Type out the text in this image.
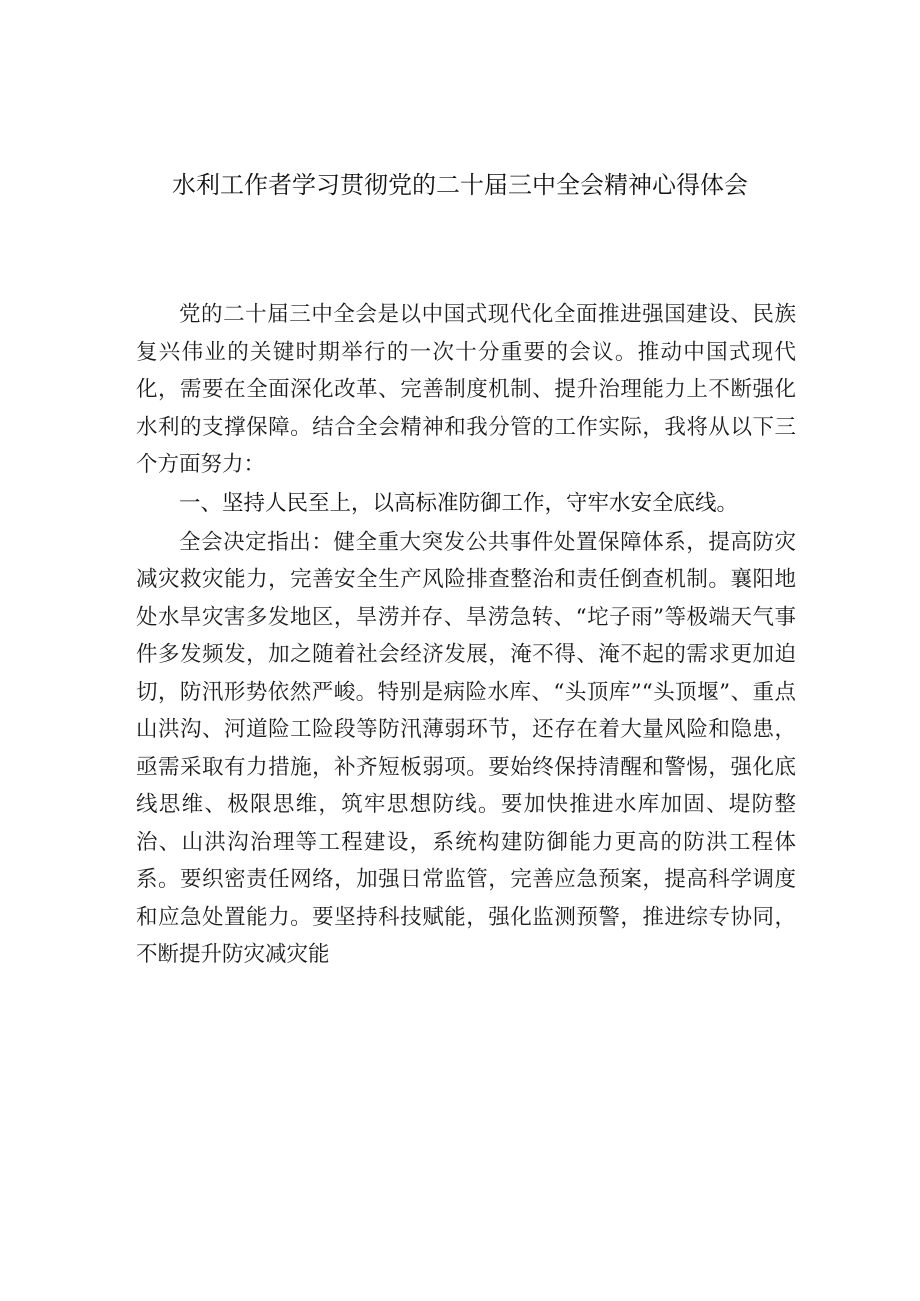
水利工作者学习贯彻党的二十届三中全会精神心得体会

党的二十届三中全会是以中国式现代化全面推进强国建设、民族复兴伟业的关键时期举行的一次十分重要的会议。推动中国式现代化，需要在全面深化改革、完善制度机制、提升治理能力上不断强化水利的支撑保障。结合全会精神和我分管的工作实际，我将从以下三个方面努力：

一、坚持人民至上，以高标准防御工作，守牢水安全底线。

全会决定指出：健全重大突发公共事件处置保障体系，提高防灾减灾救灾能力，完善安全生产风险排查整治和责任倒查机制。襄阳地处水旱灾害多发地区，旱涝并存、旱涝急转、“坨子雨”等极端天气事件多发频发，加之随着社会经济发展，淹不得、淹不起的需求更加迫切，防汛形势依然严峻。特别是病险水库、“头顶库”“头顶堰”、重点山洪沟、河道险工险段等防汛薄弱环节，还存在着大量风险和隐患，亟需采取有力措施，补齐短板弱项。要始终保持清醒和警惕，强化底线思维、极限思维，筑牢思想防线。要加快推进水库加固、堤防整治、山洪沟治理等工程建设，系统构建防御能力更高的防洪工程体系。要织密责任网络，加强日常监管，完善应急预案，提高科学调度和应急处置能力。要坚持科技赋能，强化监测预警，推进综专协同，不断提升防灾减灾能
